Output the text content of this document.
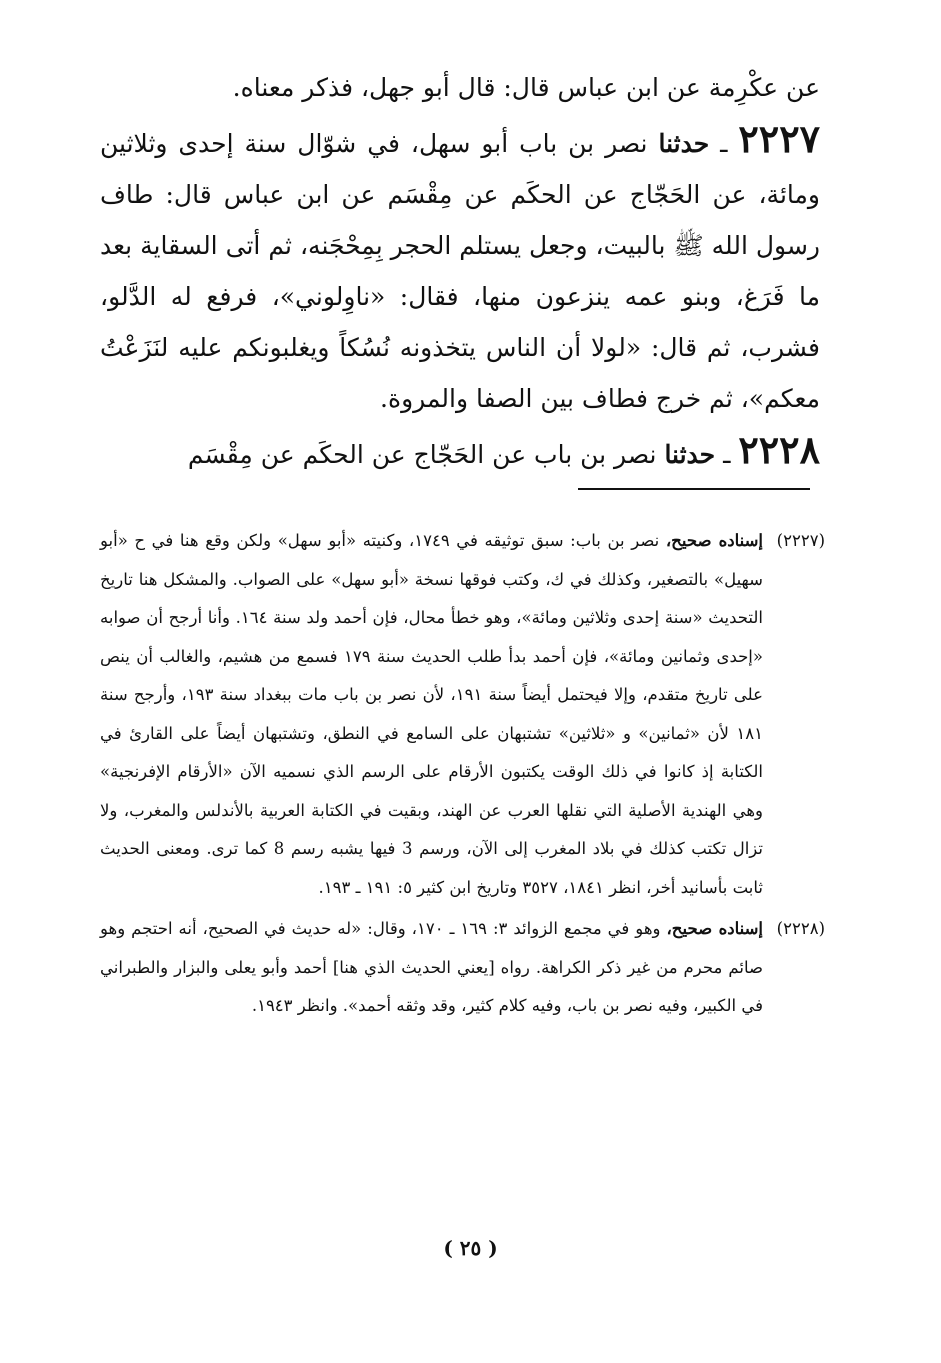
عن عكْرِمة عن ابن عباس قال: قال أبو جهل، فذكر معناه.

٢٢٢٧ ـ حدثنا نصر بن باب أبو سهل، في شوّال سنة إحدى وثلاثين ومائة، عن الحَجّاج عن الحكَم عن مِقْسَم عن ابن عباس قال: طاف رسول الله ﷺ بالبيت، وجعل يستلم الحجر بِمِحْجَنه، ثم أتى السقاية بعد ما فَرَغ، وبنو عمه ينزعون منها، فقال: «ناوِلوني»، فرفع له الدَّلو، فشرب، ثم قال: «لولا أن الناس يتخذونه نُسُكاً ويغلبونكم عليه لنَزَعْتُ معكم»، ثم خرج فطاف بين الصفا والمروة.

٢٢٢٨ ـ حدثنا نصر بن باب عن الحَجّاج عن الحكَم عن مِقْسَم

(٢٢٢٧)
إسناده صحيح، نصر بن باب: سبق توثيقه في ١٧٤٩، وكنيته «أبو سهل» ولكن وقع هنا في ح «أبو سهيل» بالتصغير، وكذلك في ك، وكتب فوقها نسخة «أبو سهل» على الصواب. والمشكل هنا تاريخ التحديث «سنة إحدى وثلاثين ومائة»، وهو خطأ محال، فإن أحمد ولد سنة ١٦٤. وأنا أرجح أن صوابه «إحدى وثمانين ومائة»، فإن أحمد بدأ طلب الحديث سنة ١٧٩ فسمع من هشيم، والغالب أن ينص على تاريخ متقدم، وإلا فيحتمل أيضاً سنة ١٩١، لأن نصر بن باب مات ببغداد سنة ١٩٣، وأرجح سنة ١٨١ لأن «ثمانين» و «ثلاثين» تشتبهان على السامع في النطق، وتشتبهان أيضاً على القارئ في الكتابة إذ كانوا في ذلك الوقت يكتبون الأرقام على الرسم الذي نسميه الآن «الأرقام الإفرنجية» وهي الهندية الأصلية التي نقلها العرب عن الهند، وبقيت في الكتابة العربية بالأندلس والمغرب، ولا تزال تكتب كذلك في بلاد المغرب إلى الآن، ورسم 3 فيها يشبه رسم 8 كما ترى. ومعنى الحديث ثابت بأسانيد أخر، انظر ١٨٤١، ٣٥٢٧ وتاريخ ابن كثير ٥: ١٩١ ـ ١٩٣.

(٢٢٢٨)
إسناده صحيح، وهو في مجمع الزوائد ٣: ١٦٩ ـ ١٧٠، وقال: «له حديث في الصحيح، أنه احتجم وهو صائم محرم من غير ذكر الكراهة. رواه [يعني الحديث الذي هنا] أحمد وأبو يعلى والبزار والطبراني في الكبير، وفيه نصر بن باب، وفيه كلام كثير، وقد وثقه أحمد». وانظر ١٩٤٣.

( ٢٥ )
